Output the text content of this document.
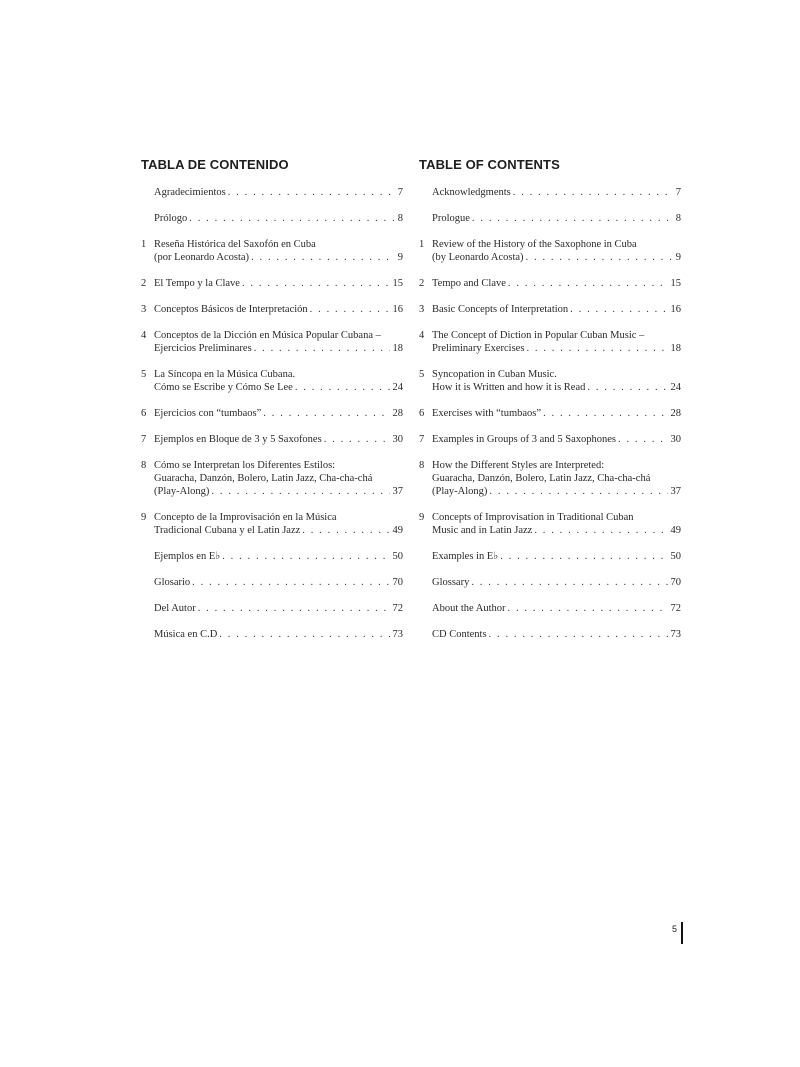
TABLA DE CONTENIDO
Agradecimientos . . .	7
Prólogo . . .	8
1 Reseña Histórica del Saxofón en Cuba
(por Leonardo Acosta) . . .	9
2 El Tempo y la Clave . . .	15
3 Conceptos Básicos de Interpretación . . .	16
4 Conceptos de la Dicción en Música Popular Cubana –
Ejercicios Preliminares . . .	18
5 La Síncopa en la Música Cubana.
Cómo se Escribe y Cómo Se Lee . . .	24
6 Ejercicios con “tumbaos” . . .	28
7 Ejemplos en Bloque de 3 y 5 Saxofones . . .	30
8 Cómo se Interpretan los Diferentes Estilos:
Guaracha, Danzón, Bolero, Latin Jazz, Cha-cha-chá
(Play-Along) . . .	37
9 Concepto de la Improvisación en la Música
Tradicional Cubana y el Latin Jazz . . .	49
Ejemplos en E♭ . . .	50
Glosario . . .	70
Del Autor . . .	72
Música en C.D . . .	73
TABLE OF CONTENTS
Acknowledgments . . .	7
Prologue . . .	8
1 Review of the History of the Saxophone in Cuba
(by Leonardo Acosta) . . .	9
2 Tempo and Clave . . .	15
3 Basic Concepts of Interpretation . . .	16
4 The Concept of Diction in Popular Cuban Music –
Preliminary Exercises . . .	18
5 Syncopation in Cuban Music.
How it is Written and how it is Read . . .	24
6 Exercises with “tumbaos” . . .	28
7 Examples in Groups of 3 and 5 Saxophones . . .	30
8 How the Different Styles are Interpreted:
Guaracha, Danzón, Bolero, Latin Jazz, Cha-cha-chá
(Play-Along) . . .	37
9 Concepts of Improvisation in Traditional Cuban
Music and in Latin Jazz . . .	49
Examples in E♭ . . .	50
Glossary . . .	70
About the Author . . .	72
CD Contents . . .	73
5
